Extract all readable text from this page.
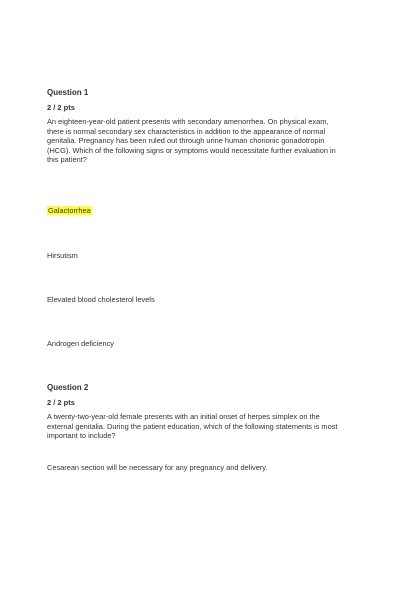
Question 1
2 / 2 pts
An eighteen-year-old patient presents with secondary amenorrhea. On physical exam, there is normal secondary sex characteristics in addition to the appearance of normal genitalia. Pregnancy has been ruled out through urine human chorionic gonadotropin (HCG). Which of the following signs or symptoms would necessitate further evaluation in this patient?
Galactorrhea
Hirsutism
Elevated blood cholesterol levels
Androgen deficiency
Question 2
2 / 2 pts
A twenty-two-year-old female presents with an initial onset of herpes simplex on the external genitalia. During the patient education, which of the following statements is most important to include?
Cesarean section will be necessary for any pregnancy and delivery.
